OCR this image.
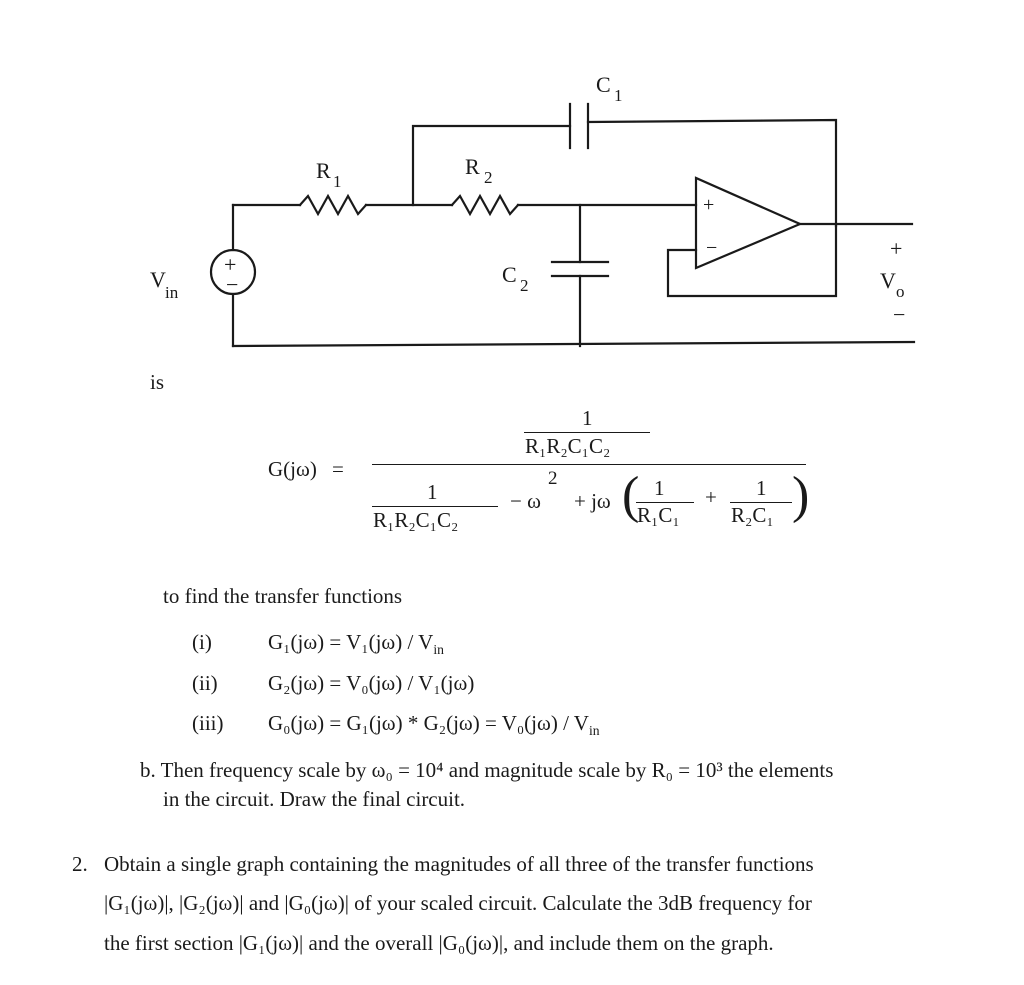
R 1
R 2
C 1
C 2
V
in	V o
+
−
+
−	+
−
is
G(jω) =
1
R₁R₂C₁C₂
1
R₁R₂C₁C₂
− ω
2
+ jω ( 1
R₁C₁
+ 1
R₂C₁ )
to find the transfer functions
(i)	$G_1(j\omega) = V_1(j\omega) / V_{in}$
(ii) G₂(jω) = V₀(jω) / V₁(jω)
(iii) $G_0(j\omega) = G_1(j\omega) * G_2(j\omega) = V_0(j\omega) / V_{in}$
b. Then frequency scale by ω₀ = 10⁴ and magnitude scale by R₀ = 10³ the elements
in the circuit. Draw the final circuit.
2. Obtain a single graph containing the magnitudes of all three of the transfer functions
|G₁(jω)|, |G₂(jω)| and |G₀(jω)| of your scaled circuit. Calculate the 3dB frequency for
the first section |G₁(jω)| and the overall |G₀(jω)|, and include them on the graph.
